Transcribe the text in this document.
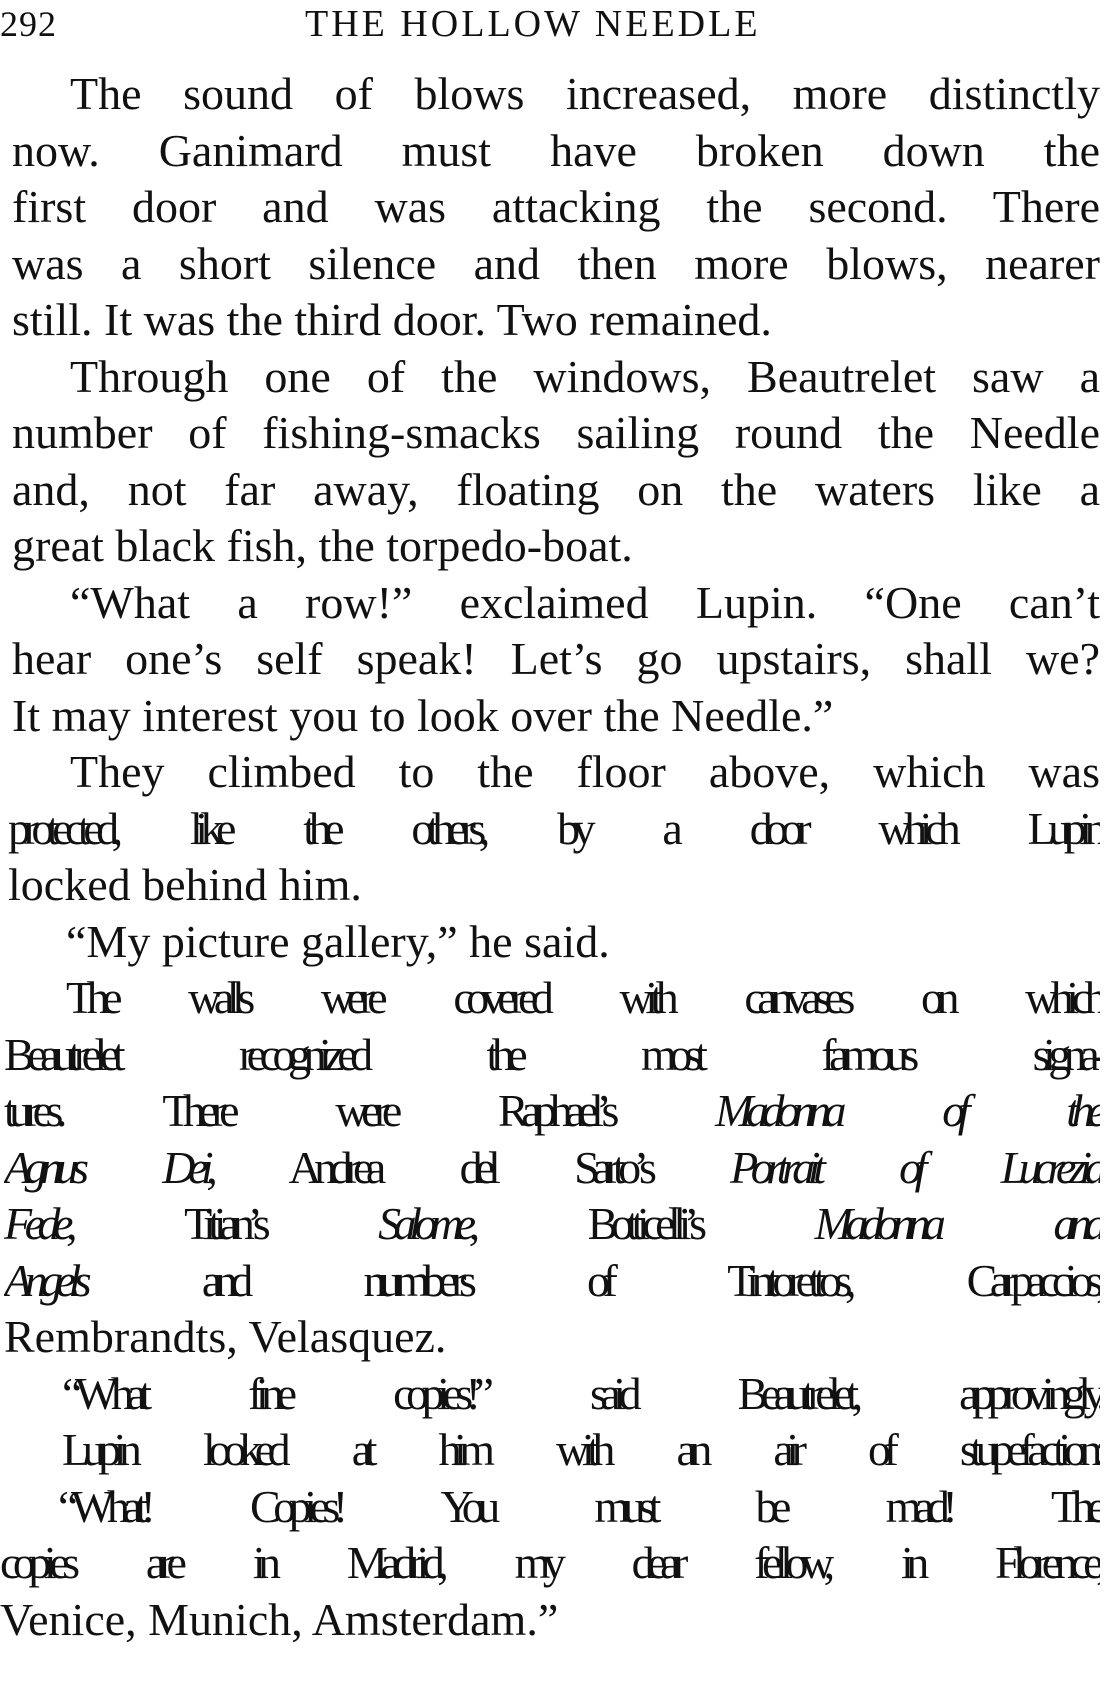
292	THE HOLLOW NEEDLE
The sound of blows increased, more distinctly
now. Ganimard must have broken down the
first door and was attacking the second. There
was a short silence and then more blows, nearer
still. It was the third door. Two remained.
Through one of the windows, Beautrelet saw a
number of fishing-smacks sailing round the Needle
and, not far away, floating on the waters like a
great black fish, the torpedo-boat.
“What a row!” exclaimed Lupin. “One can’t
hear one’s self speak! Let’s go upstairs, shall we?
It may interest you to look over the Needle.”
They climbed to the floor above, which was
protected, like the others, by a door which Lupin
locked behind him.
“My picture gallery,” he said.
The walls were covered with canvases on which
Beautrelet recognized the most famous signa-
tures. There were Raphael’s Madonna of the
Agnus Dei, Andrea del Sarto’s Portrait of Lucrezia
Fede, Titian’s Salome, Botticelli’s Madonna and
Angels and numbers of Tintorettos, Carpaccios,
Rembrandts, Velasquez.
“What fine copies!” said Beautrelet, approvingly.
Lupin looked at him with an air of stupefaction:
“What! Copies! You must be mad! The
copies are in Madrid, my dear fellow, in Florence,
Venice, Munich, Amsterdam.”
